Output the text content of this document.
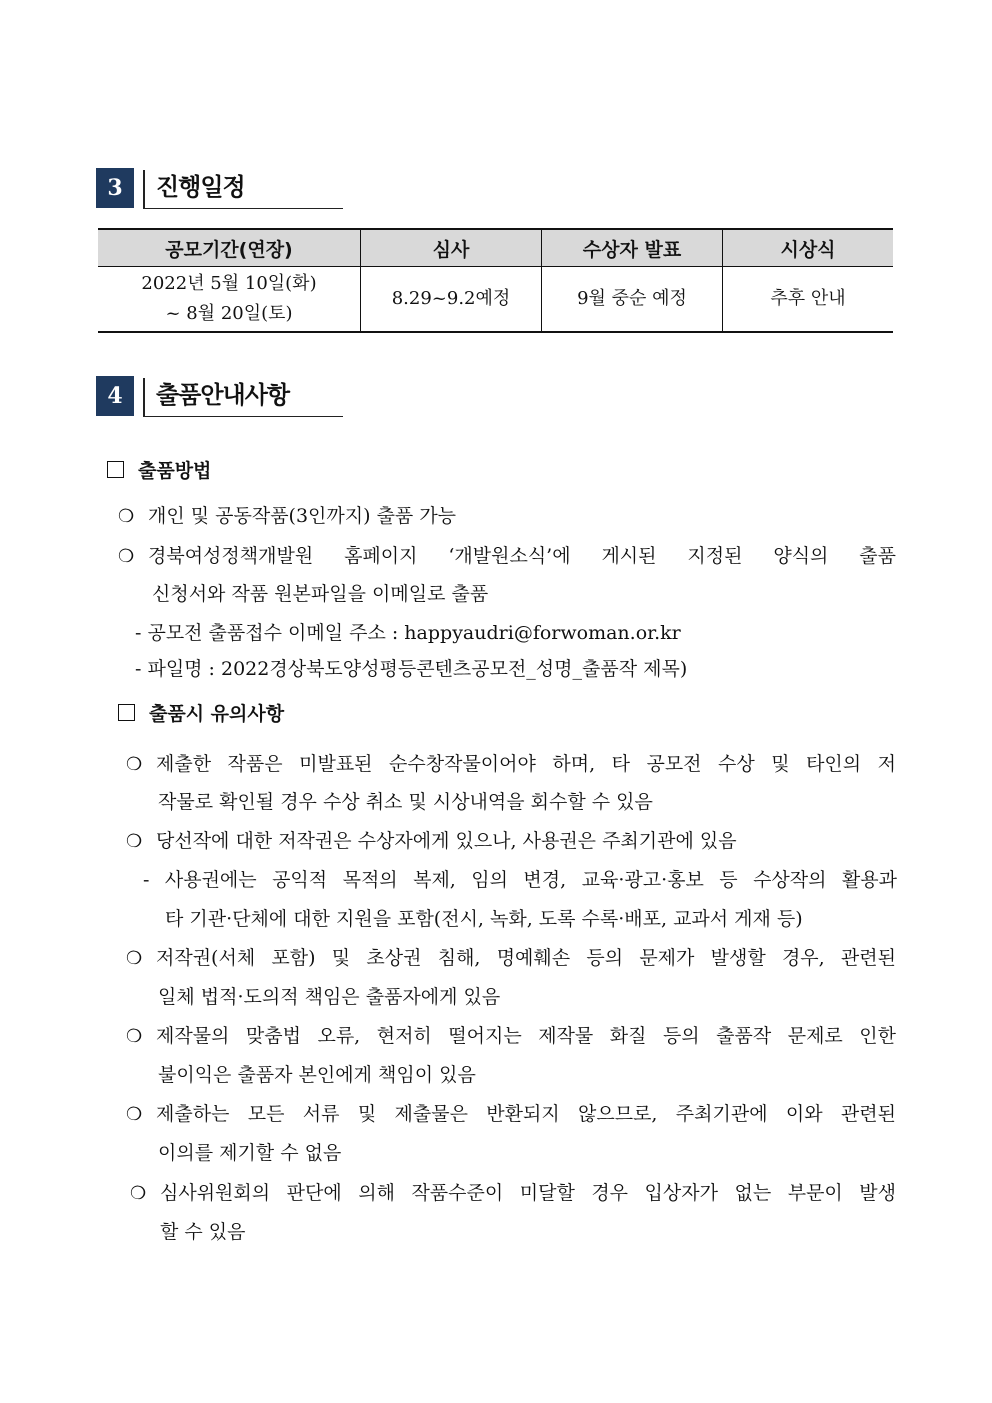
3	진행일정
공모기간(연장)	심사	수상자 발표	시상식

2022년 5월 10일(화)
~ 8월 20일(토)	8.29~9.2예정	9월 중순 예정	추후 안내
4	출품안내사항
출품방법
❍ 개인 및 공동작품(3인까지) 출품 가능
❍ 경북여성정책개발원 홈페이지 ‘개발원소식’에 게시된 지정된 양식의 출품
신청서와 작품 원본파일을 이메일로 출품
- 공모전 출품접수 이메일 주소 : happyaudri@forwoman.or.kr
- 파일명 : 2022경상북도양성평등콘텐츠공모전_성명_출품작 제목)
출품시 유의사항
❍ 제출한 작품은 미발표된 순수창작물이어야 하며, 타 공모전 수상 및 타인의 저
작물로 확인될 경우 수상 취소 및 시상내역을 회수할 수 있음
❍ 당선작에 대한 저작권은 수상자에게 있으나, 사용권은 주최기관에 있음
- 사용권에는 공익적 목적의 복제, 임의 변경, 교육·광고·홍보 등 수상작의 활용과
타 기관·단체에 대한 지원을 포함(전시, 녹화, 도록 수록·배포, 교과서 게재 등)
❍ 저작권(서체 포함) 및 초상권 침해, 명예훼손 등의 문제가 발생할 경우, 관련된
일체 법적·도의적 책임은 출품자에게 있음
❍ 제작물의 맞춤법 오류, 현저히 떨어지는 제작물 화질 등의 출품작 문제로 인한
불이익은 출품자 본인에게 책임이 있음
❍ 제출하는 모든 서류 및 제출물은 반환되지 않으므로, 주최기관에 이와 관련된
이의를 제기할 수 없음
❍ 심사위원회의 판단에 의해 작품수준이 미달할 경우 입상자가 없는 부문이 발생
할 수 있음
